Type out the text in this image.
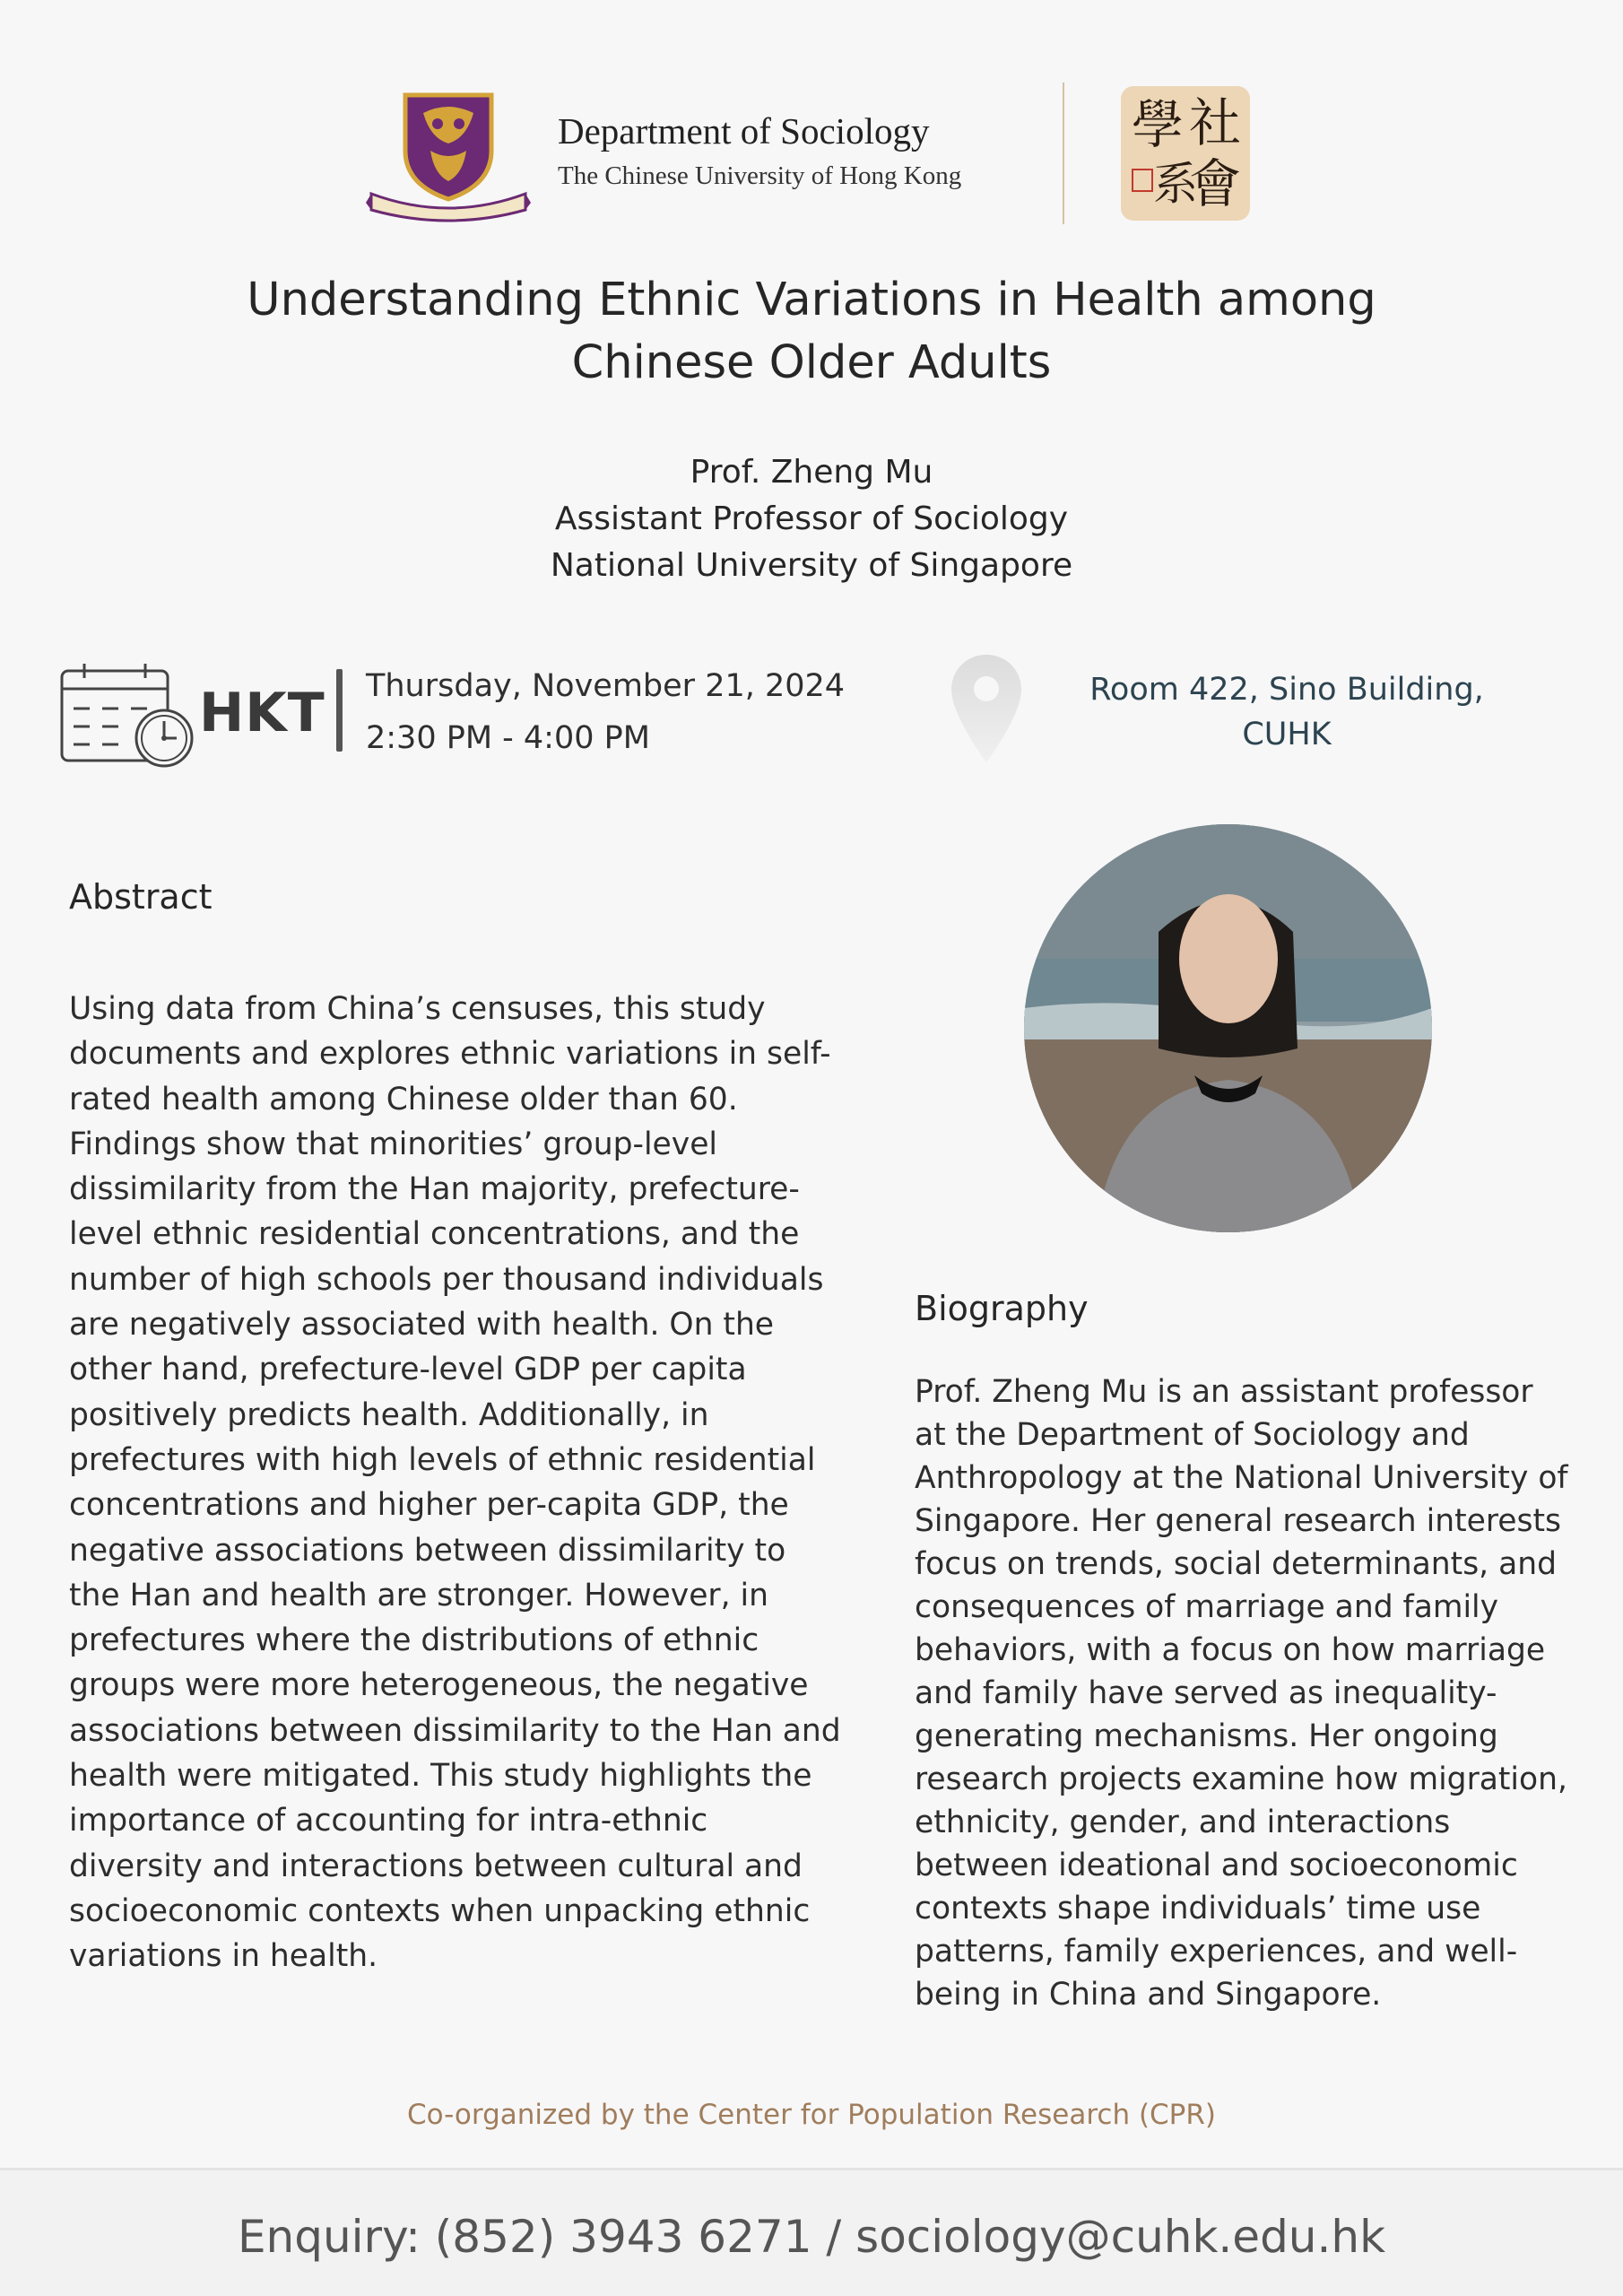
Department of Sociology
The Chinese University of Hong Kong
社
學
會
系
Understanding Ethnic Variations in Health among
Chinese Older Adults
Prof. Zheng Mu
Assistant Professor of Sociology
National University of Singapore
HKT Thursday, November 21, 2024
2:30 PM - 4:00 PM
Room 422, Sino Building,
CUHK
Abstract
Using data from China’s censuses, this study documents and explores ethnic variations in self-rated health among Chinese older than 60. Findings show that minorities’ group-level dissimilarity from the Han majority, prefecture-level ethnic residential concentrations, and the number of high schools per thousand individuals are negatively associated with health. On the other hand, prefecture-level GDP per capita positively predicts health. Additionally, in prefectures with high levels of ethnic residential concentrations and higher per-capita GDP, the negative associations between dissimilarity to the Han and health are stronger. However, in prefectures where the distributions of ethnic groups were more heterogeneous, the negative associations between dissimilarity to the Han and health were mitigated. This study highlights the importance of accounting for intra-ethnic diversity and interactions between cultural and socioeconomic contexts when unpacking ethnic variations in health.
Biography
Prof. Zheng Mu is an assistant professor at the Department of Sociology and Anthropology at the National University of Singapore. Her general research interests focus on trends, social determinants, and consequences of marriage and family behaviors, with a focus on how marriage and family have served as inequality-generating mechanisms. Her ongoing research projects examine how migration, ethnicity, gender, and interactions between ideational and socioeconomic contexts shape individuals’ time use patterns, family experiences, and well-being in China and Singapore.
Co-organized by the Center for Population Research (CPR)
Enquiry: (852) 3943 6271 / sociology@cuhk.edu.hk
